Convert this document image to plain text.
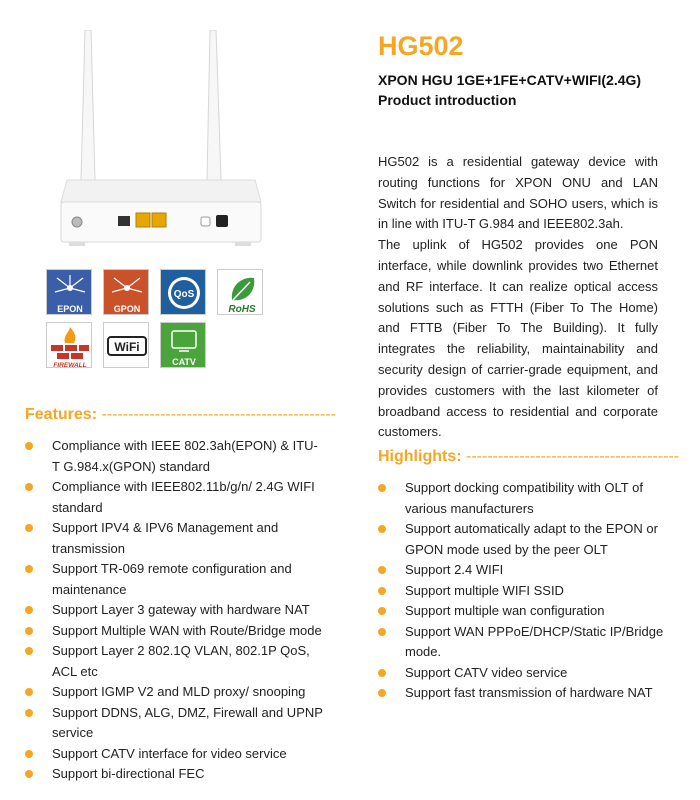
EPON	GPON
QoS
RoHS
FIREWALL
WiFi
CATV
Features: --------------------------------------------
Compliance with IEEE 802.3ah(EPON) & ITU-T G.984.x(GPON) standard
Compliance with IEEE802.11b/g/n/ 2.4G WIFI standard
Support IPV4 & IPV6 Management and transmission
Support TR-069 remote configuration and maintenance
Support Layer 3 gateway with hardware NAT
Support Multiple WAN with Route/Bridge mode
Support Layer 2 802.1Q VLAN, 802.1P QoS, ACL etc
Support IGMP V2 and MLD proxy/ snooping
Support DDNS, ALG, DMZ, Firewall and UPNP service
Support CATV interface for video service
Support bi-directional FEC
HG502
XPON HGU 1GE+1FE+CATV+WIFI(2.4G)
Product introduction

HG502 is a residential gateway device with routing functions for XPON ONU and LAN Switch for residential and SOHO users, which is in line with ITU-T G.984 and IEEE802.3ah.

The uplink of HG502 provides one PON interface, while downlink provides two Ethernet and RF interface. It can realize optical access solutions such as FTTH (Fiber To The Home) and FTTB (Fiber To The Building). It fully integrates the reliability, maintainability and security design of carrier-grade equipment, and provides customers with the last kilometer of broadband access to residential and corporate customers.

Highlights: ----------------------------------------
Support docking compatibility with OLT of various manufacturers
Support automatically adapt to the EPON or GPON mode used by the peer OLT
Support 2.4 WIFI
Support multiple WIFI SSID
Support multiple wan configuration
Support WAN PPPoE/DHCP/Static IP/Bridge mode.
Support CATV video service
Support fast transmission of hardware NAT
